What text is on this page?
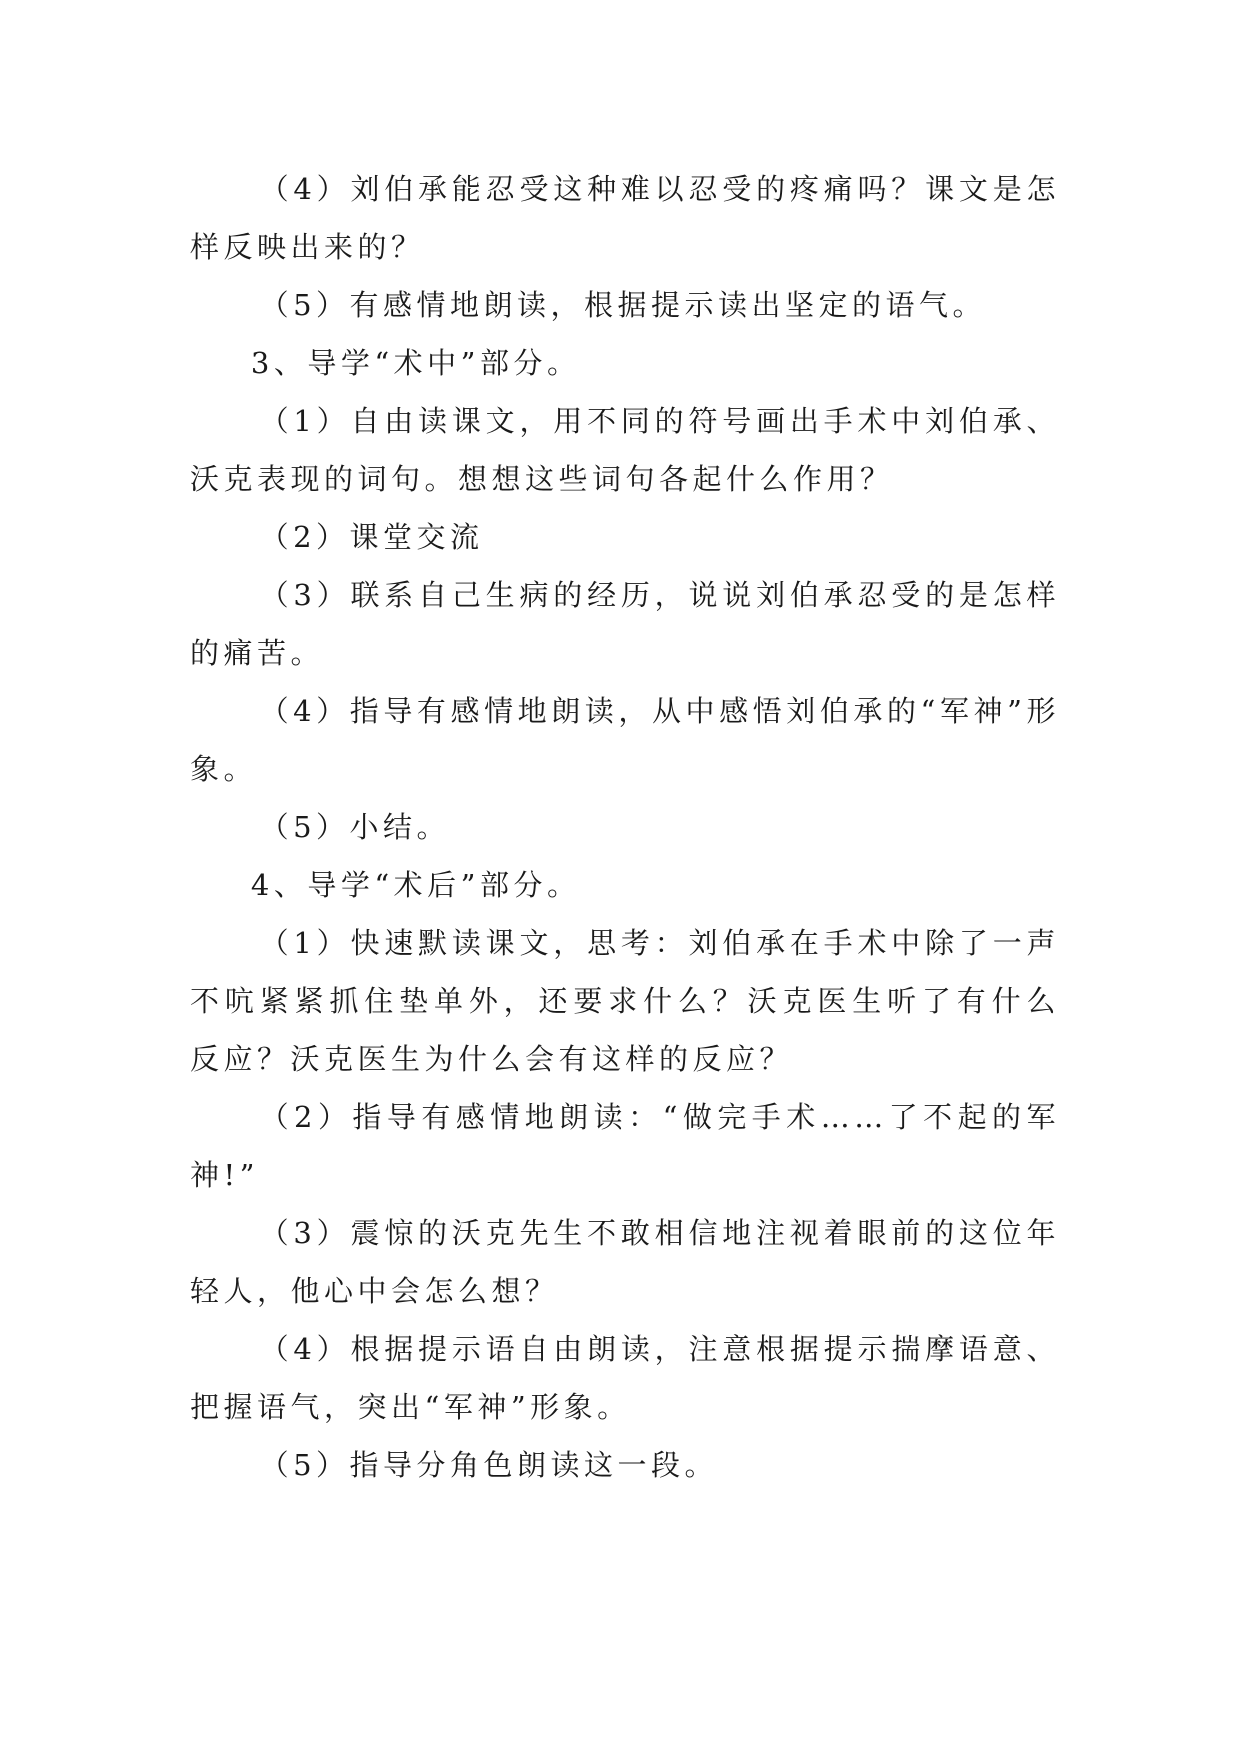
（4）刘伯承能忍受这种难以忍受的疼痛吗？课文是怎样反映出来的？

（5）有感情地朗读，根据提示读出坚定的语气。

3、导学“术中”部分。

（1）自由读课文，用不同的符号画出手术中刘伯承、沃克表现的词句。想想这些词句各起什么作用？

（2）课堂交流

（3）联系自己生病的经历，说说刘伯承忍受的是怎样的痛苦。

（4）指导有感情地朗读，从中感悟刘伯承的“军神”形象。

（5）小结。

4、导学“术后”部分。

（1）快速默读课文，思考：刘伯承在手术中除了一声不吭紧紧抓住垫单外，还要求什么？沃克医生听了有什么反应？沃克医生为什么会有这样的反应？

（2）指导有感情地朗读：“做完手术……了不起的军神!”

（3）震惊的沃克先生不敢相信地注视着眼前的这位年轻人，他心中会怎么想？

（4）根据提示语自由朗读，注意根据提示揣摩语意、把握语气，突出“军神”形象。

（5）指导分角色朗读这一段。
